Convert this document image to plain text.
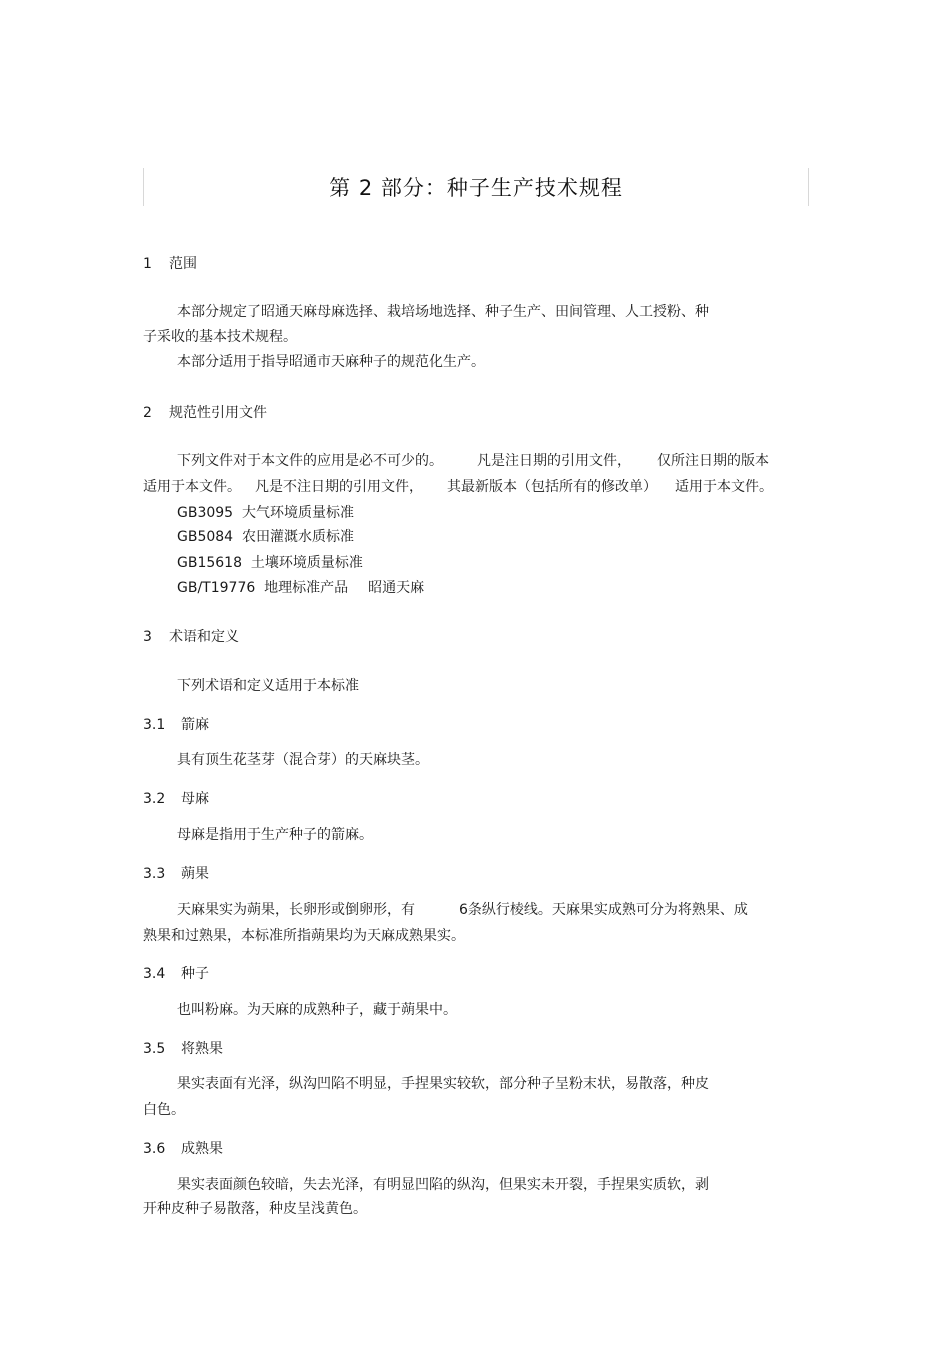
第 2 部分：种子生产技术规程
1 范围
本部分规定了昭通天麻母麻选择、栽培场地选择、种子生产、田间管理、人工授粉、种
子采收的基本技术规程。
本部分适用于指导昭通市天麻种子的规范化生产。
2 规范性引用文件
下列文件对于本文件的应用是必不可少的。 凡是注日期的引用文件， 仅所注日期的版本
适用于本文件。 凡是不注日期的引用文件， 其最新版本（包括所有的修改单） 适用于本文件。
GB3095 大气环境质量标准
GB5084 农田灌溉水质标准
GB15618 土壤环境质量标准
GB/T19776 地理标准产品 昭通天麻
3 术语和定义
下列术语和定义适用于本标准
3.1 箭麻
具有顶生花茎芽（混合芽）的天麻块茎。
3.2 母麻
母麻是指用于生产种子的箭麻。
3.3 蒴果
天麻果实为蒴果，长卵形或倒卵形，有	6条纵行棱线。天麻果实成熟可分为将熟果、成
熟果和过熟果，本标准所指蒴果均为天麻成熟果实。
3.4 种子
也叫粉麻。为天麻的成熟种子，藏于蒴果中。
3.5 将熟果
果实表面有光泽，纵沟凹陷不明显，手捏果实较软，部分种子呈粉末状，易散落，种皮
白色。
3.6 成熟果
果实表面颜色较暗，失去光泽，有明显凹陷的纵沟，但果实未开裂，手捏果实质软，剥
开种皮种子易散落，种皮呈浅黄色。
